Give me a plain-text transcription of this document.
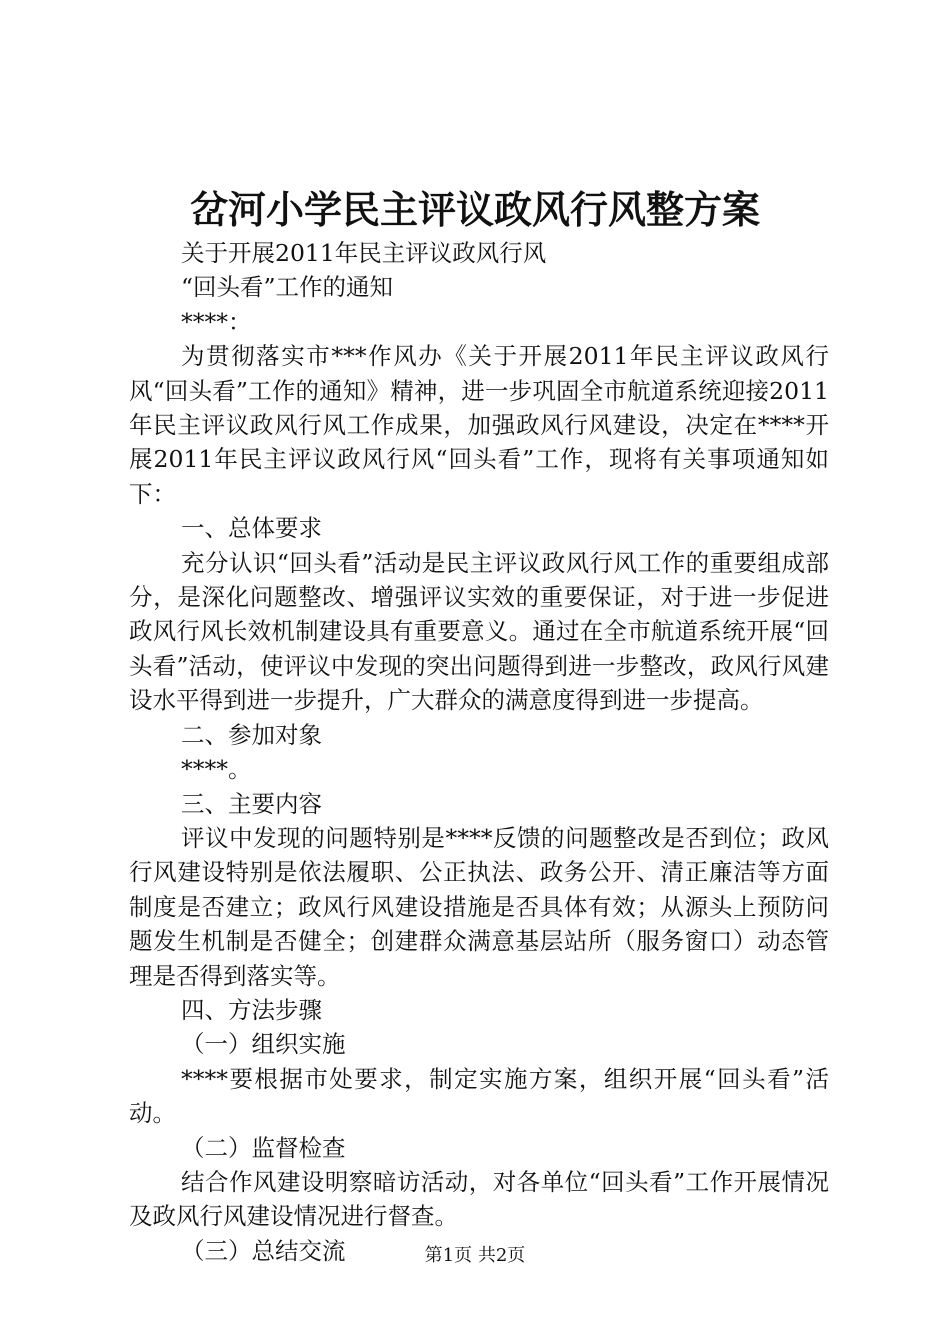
岔河小学民主评议政风行风整方案

关于开展2011年民主评议政风行风

“回头看”工作的通知

****：

为贯彻落实市***作风办《关于开展2011年民主评议政风行风“回头看”工作的通知》精神，进一步巩固全市航道系统迎接2011年民主评议政风行风工作成果，加强政风行风建设，决定在****开展2011年民主评议政风行风“回头看”工作，现将有关事项通知如下：

一、总体要求

充分认识“回头看”活动是民主评议政风行风工作的重要组成部分，是深化问题整改、增强评议实效的重要保证，对于进一步促进政风行风长效机制建设具有重要意义。通过在全市航道系统开展“回头看”活动，使评议中发现的突出问题得到进一步整改，政风行风建设水平得到进一步提升，广大群众的满意度得到进一步提高。

二、参加对象

****。

三、主要内容

评议中发现的问题特别是****反馈的问题整改是否到位；政风行风建设特别是依法履职、公正执法、政务公开、清正廉洁等方面制度是否建立；政风行风建设措施是否具体有效；从源头上预防问题发生机制是否健全；创建群众满意基层站所（服务窗口）动态管理是否得到落实等。

四、方法步骤

（一）组织实施

****要根据市处要求，制定实施方案，组织开展“回头看”活动。

（二）监督检查

结合作风建设明察暗访活动，对各单位“回头看”工作开展情况及政风行风建设情况进行督查。

（三）总结交流	第1页 共2页
